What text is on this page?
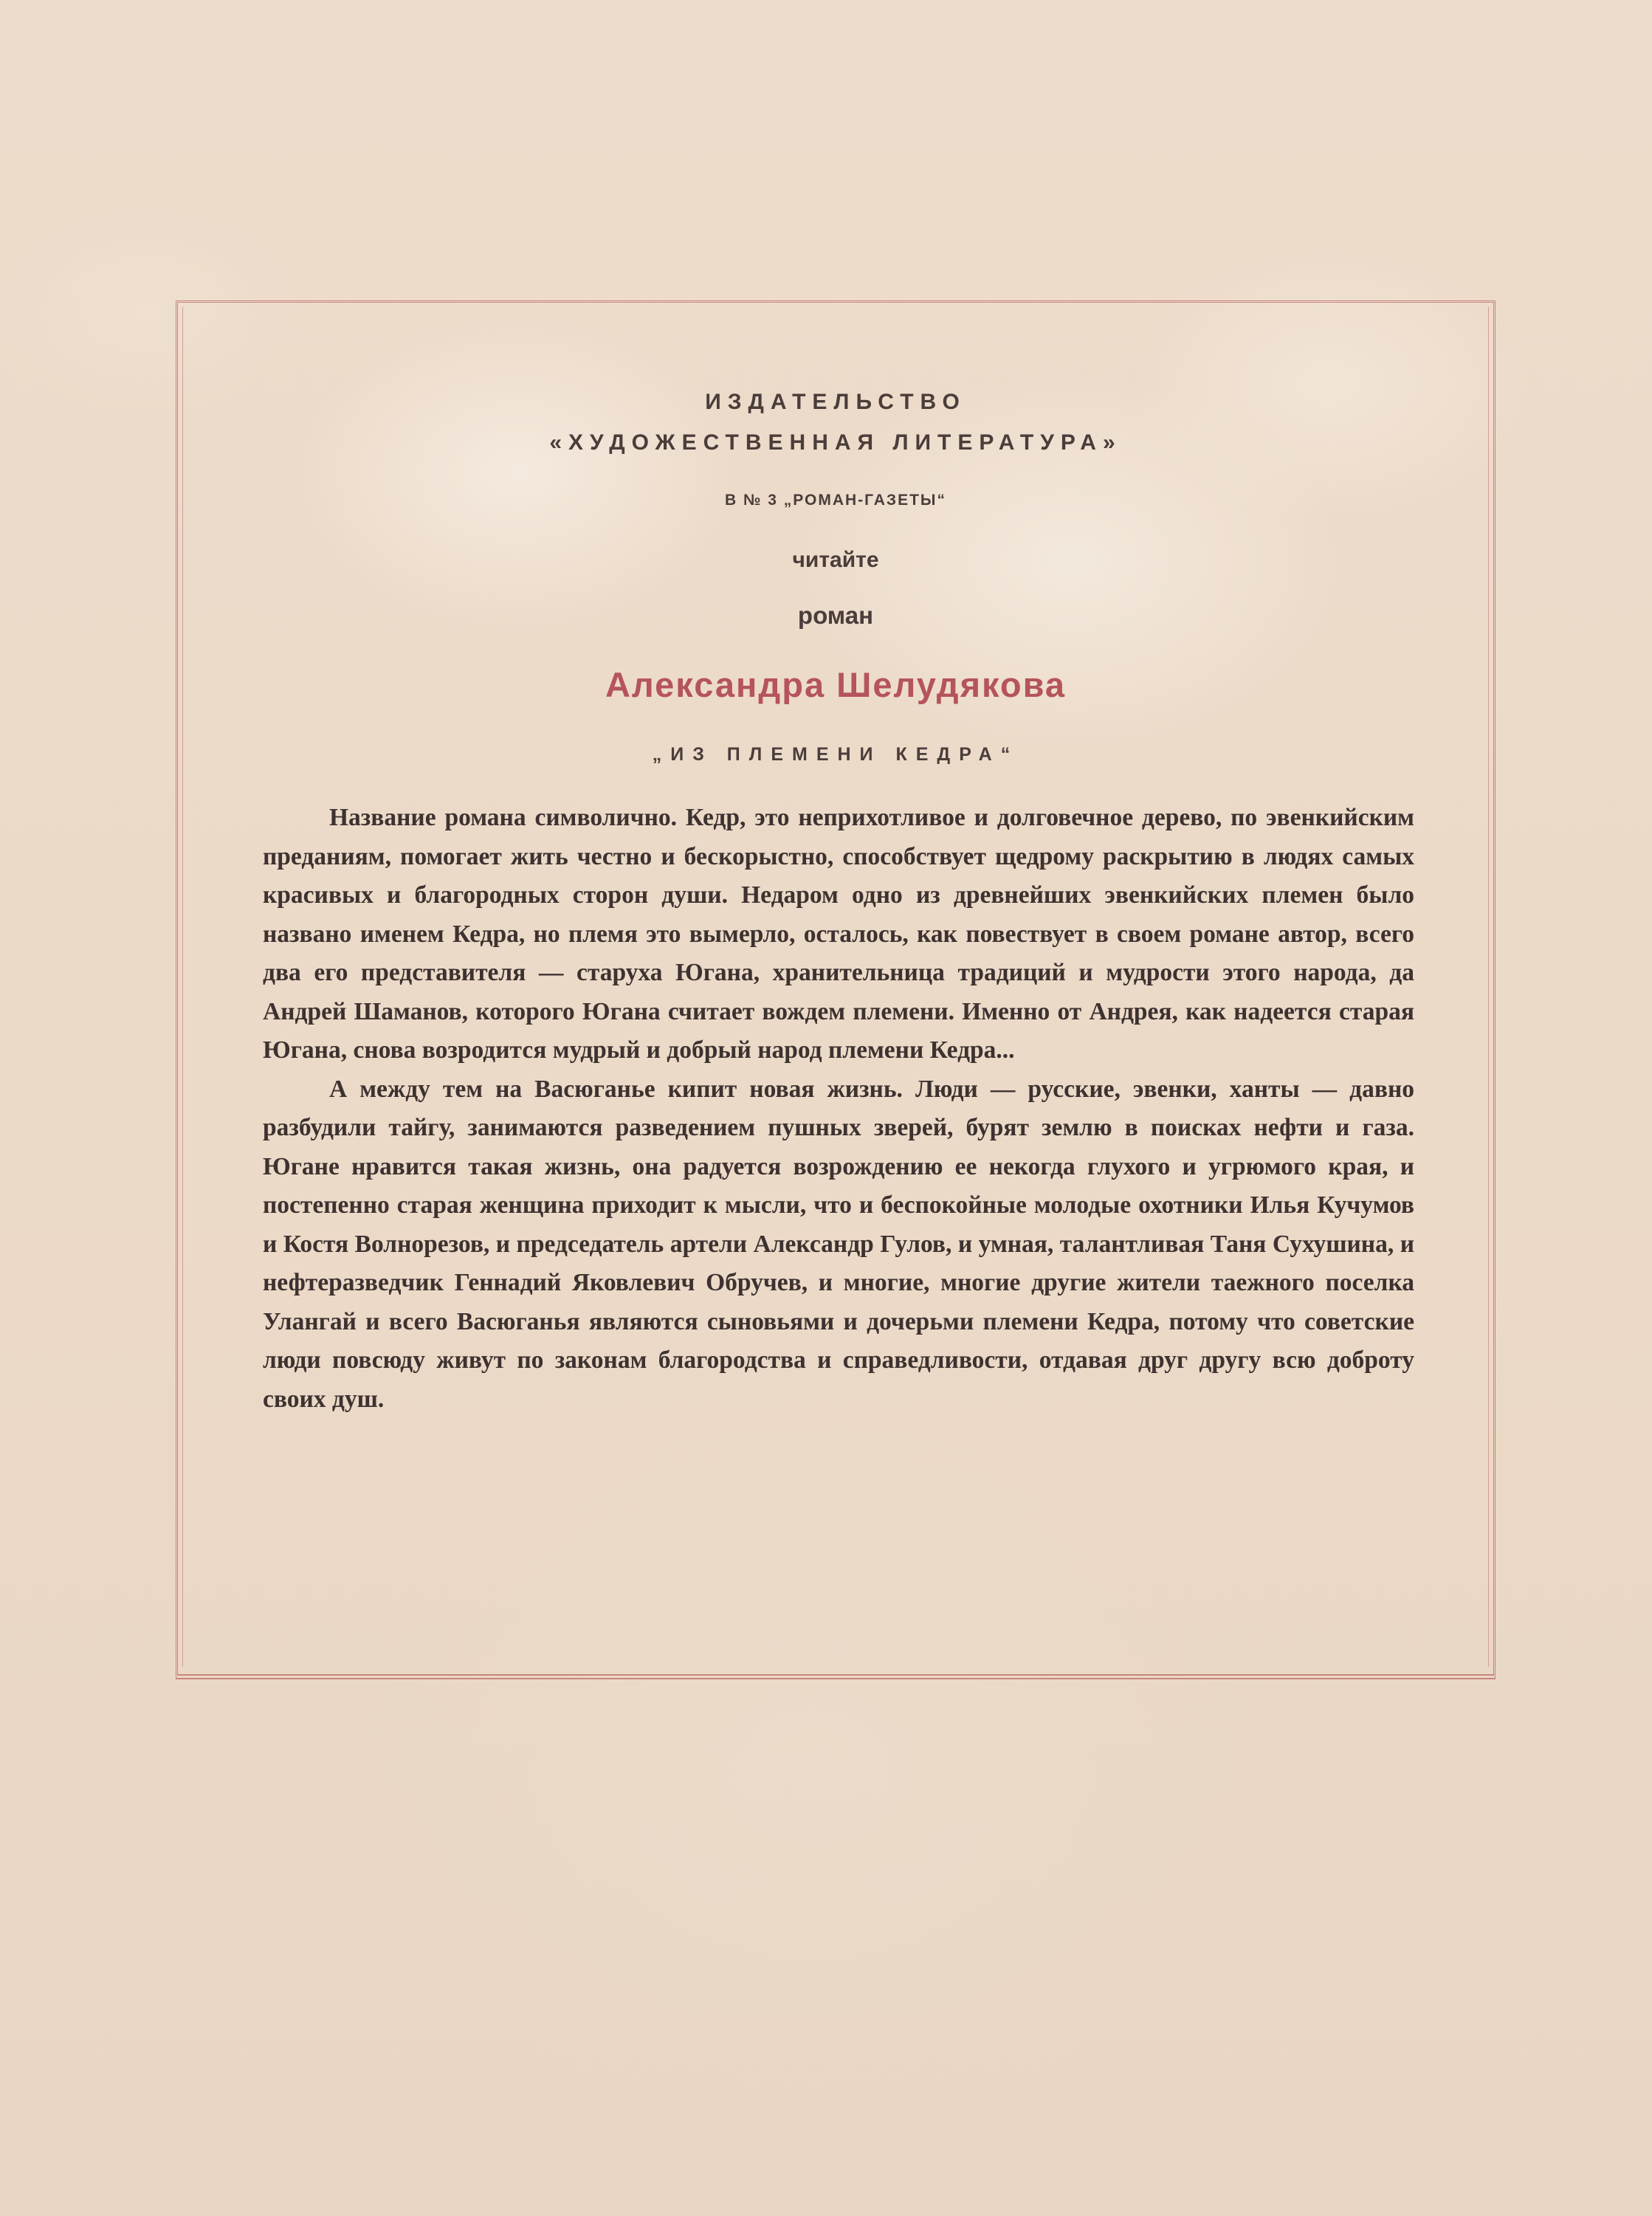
ИЗДАТЕЛЬСТВО
«ХУДОЖЕСТВЕННАЯ ЛИТЕРАТУРА»
В № 3 „РОМАН-ГАЗЕТЫ“
читайте
роман
Александра Шелудякова
„ИЗ ПЛЕМЕНИ КЕДРА“

Название романа символично. Кедр, это неприхотливое и долговечное дерево, по эвенкийским преданиям, помогает жить честно и бескорыстно, способствует щедрому раскрытию в людях самых красивых и благородных сторон души. Недаром одно из древнейших эвенкийских племен было названо именем Кедра, но племя это вымерло, осталось, как повествует в своем романе автор, всего два его представителя — старуха Югана, хранительница традиций и мудрости этого народа, да Андрей Шаманов, которого Югана считает вождем племени. Именно от Андрея, как надеется старая Югана, снова возродится мудрый и добрый народ племени Кедра...

А между тем на Васюганье кипит новая жизнь. Люди — русские, эвенки, ханты — давно разбудили тайгу, занимаются разведением пушных зверей, бурят землю в поисках нефти и газа. Югане нравится такая жизнь, она радуется возрождению ее некогда глухого и угрюмого края, и постепенно старая женщина приходит к мысли, что и беспокойные молодые охотники Илья Кучумов и Костя Волнорезов, и председатель артели Александр Гулов, и умная, талантливая Таня Сухушина, и нефтеразведчик Геннадий Яковлевич Обручев, и многие, многие другие жители таежного поселка Улангай и всего Васюганья являются сыновьями и дочерьми племени Кедра, потому что советские люди повсюду живут по законам благородства и справедливости, отдавая друг другу всю доброту своих душ.
